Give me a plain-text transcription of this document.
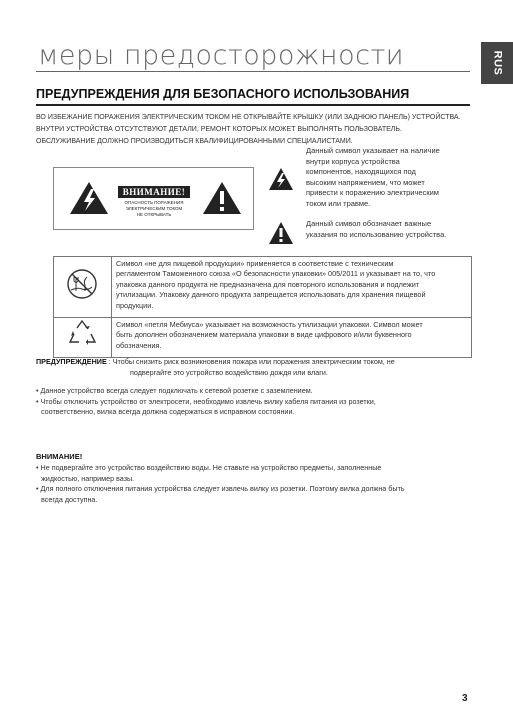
меры предосторожности	RUS
ПРЕДУПРЕЖДЕНИЯ ДЛЯ БЕЗОПАСНОГО ИСПОЛЬЗОВАНИЯ
ВО ИЗБЕЖАНИЕ ПОРАЖЕНИЯ ЭЛЕКТРИЧЕСКИМ ТОКОМ НЕ ОТКРЫВАЙТЕ КРЫШКУ (ИЛИ ЗАДНЮЮ ПАНЕЛЬ) УСТРОЙСТВА.
ВНУТРИ УСТРОЙСТВА ОТСУТСТВУЮТ ДЕТАЛИ, РЕМОНТ КОТОРЫХ МОЖЕТ ВЫПОЛНЯТЬ ПОЛЬЗОВАТЕЛЬ.
ОБСЛУЖИВАНИЕ ДОЛЖНО ПРОИЗВОДИТЬСЯ КВАЛИФИЦИРОВАННЫМИ СПЕЦИАЛИСТАМИ.
ВНИМАНИЕ!
ОПАСНОСТЬ ПОРАЖЕНИЯ
ЭЛЕКТРИЧЕСКИМ ТОКОМ
НЕ ОТКРЫВАТЬ
Данный символ указывает на наличие
внутри корпуса устройства
компонентов, находящихся под
высоким напряжением, что может
привести к поражению электрическим
током или травме.
Данный символ обозначает важные
указания по использованию устройства.

Символ «не для пищевой продукции» применяется в соответствие с техническим
регламентом Таможенного союза «О безопасности упаковки» 005/2011 и указывает на то, что
упаковка данного продукта не предназначена для повторного использования и подлежит
утилизации. Упаковку данного продукта запрещается использовать для хранения пищевой
продукции.

Символ «петля Мебиуса» указывает на возможность утилизации упаковки. Символ может
быть дополнен обозначением материала упаковки в виде цифрового и/или буквенного
обозначения.
ПРЕДУПРЕЖДЕНИЕ : Чтобы снизить риск возникновения пожара или поражения электрическим током, не
подвергайте это устройство воздействию дождя или влаги.
• Данное устройство всегда следует подключать к сетевой розетке с заземлением.
• Чтобы отключить устройство от электросети, необходимо извлечь вилку кабеля питания из розетки,
соответственно, вилка всегда должна содержаться в исправном состоянии.
ВНИМАНИЕ!
• Не подвергайте это устройство воздействию воды. Не ставьте на устройство предметы, заполненные
жидкостью, например вазы.
• Для полного отключения питания устройства следует извлечь вилку из розетки. Поэтому вилка должна быть
всегда доступна.
3
